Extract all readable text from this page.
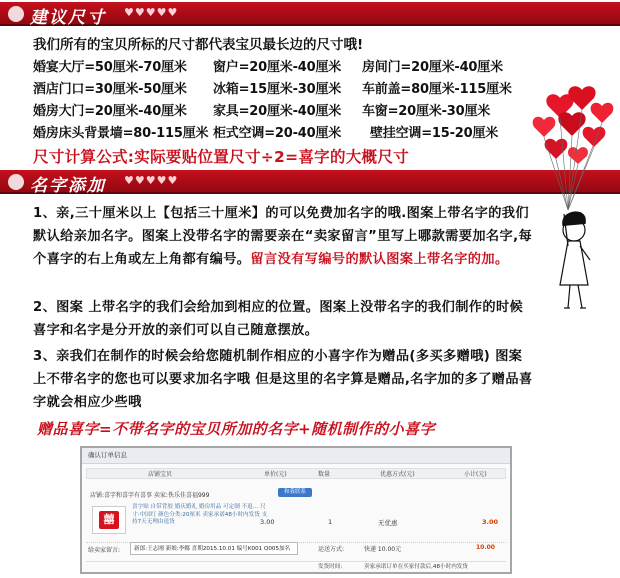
建议尺寸 ♥♥♥♥♥
我们所有的宝贝所标的尺寸都代表宝贝最长边的尺寸哦!
婚宴大厅=50厘米-70厘米 窗户=20厘米-40厘米 房间门=20厘米-40厘米
酒店门口=30厘米-50厘米 冰箱=15厘米-30厘米 车前盖=80厘米-115厘米
婚房大门=20厘米-40厘米 家具=20厘米-40厘米 车窗=20厘米-30厘米
婚房床头背景墙=80-115厘米 柜式空调=20-40厘米 壁挂空调=15-20厘米
尺寸计算公式:实际要贴位置尺寸÷2=喜字的大概尺寸
名字添加 ♥♥♥♥♥
1、亲,三十厘米以上【包括三十厘米】的可以免费加名字的哦.图案上带名字的我们默认给亲加名字。图案上没带名字的需要亲在“卖家留言”里写上哪款需要加名字,每个喜字的右上角或左上角都有编号。留言没有写编号的默认图案上带名字的加。
2、图案 上带名字的我们会给加到相应的位置。图案上没带名字的我们制作的时候 喜字和名字是分开放的亲们可以自己随意摆放。
3、亲我们在制作的时候会给您随机制作相应的小喜字作为赠品(多买多赠哦) 图案上不带名字的您也可以要求加名字哦 但是这里的名字算是赠品,名字加的多了赠品喜字就会相应少些哦
赠品喜字=不带名字的宝贝所加的名字+随机制作的小喜字
确认订单信息
店铺宝贝	单价(元)	数量	优惠方式(元)	小计(元)
店铺:喜字和喜字有喜事 卖家:佚乐佳喜福999	和我联系
囍
喜字贴 自带背胶 婚庆婚礼 婚房用品 可定制 不退… 尺寸:中国红 颜色分类:20厘米 卖家承诺48小时内发货 支持7天无理由退货	3.00	1	无优惠	3.00
给卖家留言: 新郎:王志刚 新娘:李娜 喜期2015.10.01 编号K001 Q005加名	运送方式:	快递 10.00元	10.00
发货时间:	卖家承诺订单在买家付款后,48小时内发货
